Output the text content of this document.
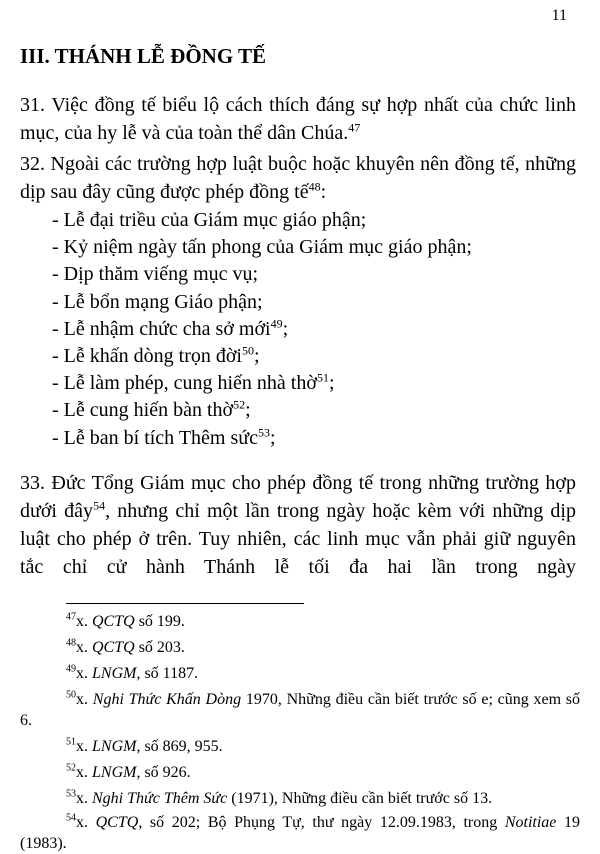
11
III. THÁNH LỄ ĐỒNG TẾ

31. Việc đồng tế biểu lộ cách thích đáng sự hợp nhất của chức linh mục, của hy lễ và của toàn thể dân Chúa.$^{47}$

32. Ngoài các trường hợp luật buộc hoặc khuyên nên đồng tế, những dịp sau đây cũng được phép đồng tế$^{48}$:

- Lễ đại triều của Giám mục giáo phận;
- Kỷ niệm ngày tấn phong của Giám mục giáo phận;
- Dịp thăm viếng mục vụ;
- Lễ bổn mạng Giáo phận;
- Lễ nhậm chức cha sở mới$^{49}$;
- Lễ khấn dòng trọn đời$^{50}$;
- Lễ làm phép, cung hiến nhà thờ$^{51}$;
- Lễ cung hiến bàn thờ$^{52}$;
- Lễ ban bí tích Thêm sức$^{53}$;

33. Đức Tổng Giám mục cho phép đồng tế trong những trường hợp dưới đây$^{54}$, nhưng chỉ một lần trong ngày hoặc kèm với những dịp luật cho phép ở trên. Tuy nhiên, các linh mục vẫn phải giữ nguyên tắc chỉ cử hành Thánh lễ tối đa hai lần trong ngày

$^{47}$x. QCTQ số 199.

$^{48}$x. QCTQ số 203.

$^{49}$x. LNGM, số 1187.

$^{50}$x. Nghi Thức Khấn Dòng 1970, Những điều cần biết trước số e; cũng xem số 6.

$^{51}$x. LNGM, số 869, 955.

$^{52}$x. LNGM, số 926.

$^{53}$x. Nghi Thức Thêm Sức (1971), Những điều cần biết trước số 13.

$^{54}$x. QCTQ, số 202; Bộ Phụng Tự, thư ngày 12.09.1983, trong Notitiae 19 (1983).
